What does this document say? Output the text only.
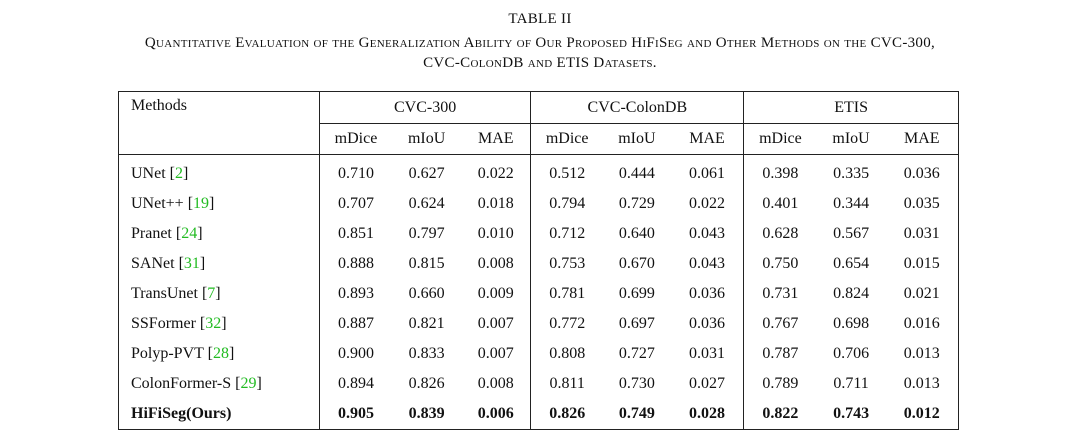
TABLE II
Quantitative Evaluation of the Generalization Ability of Our Proposed HiFiSeg and Other Methods on the CVC-300,
CVC-ColonDB and ETIS Datasets.
Methods	CVC-300			CVC-ColonDB			ETIS		
	mDice	mIoU	MAE	mDice	mIoU	MAE	mDice	mIoU	MAE
UNet [2]	0.710	0.627	0.022	0.512	0.444	0.061	0.398	0.335	0.036
UNet++ [19]	0.707	0.624	0.018	0.794	0.729	0.022	0.401	0.344	0.035
Pranet [24]	0.851	0.797	0.010	0.712	0.640	0.043	0.628	0.567	0.031
SANet [31]	0.888	0.815	0.008	0.753	0.670	0.043	0.750	0.654	0.015
TransUnet [7]	0.893	0.660	0.009	0.781	0.699	0.036	0.731	0.824	0.021
SSFormer [32]	0.887	0.821	0.007	0.772	0.697	0.036	0.767	0.698	0.016
Polyp-PVT [28]	0.900	0.833	0.007	0.808	0.727	0.031	0.787	0.706	0.013
ColonFormer-S [29]	0.894	0.826	0.008	0.811	0.730	0.027	0.789	0.711	0.013
HiFiSeg(Ours)	0.905	0.839	0.006	0.826	0.749	0.028	0.822	0.743	0.012
